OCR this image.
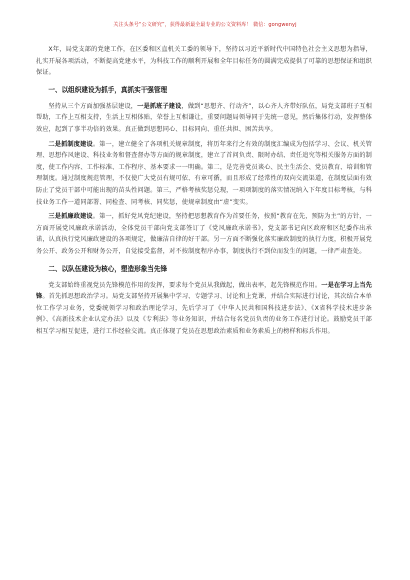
关注头条号“公文研究”，获得最新最全最专业的公文资料库！ 微信：gongwenyj

X年，局党支部的党建工作，在区委和区直机关工委的领导下，坚持以习近平新时代中国特色社会主义思想为指导，扎实开展各项活动，不断提高党建水平，为科技工作的顺利开展和全年目标任务的圆满完成提供了可靠的思想保证和组织保证。

一、以组织建设为抓手，真抓实干强管理

坚持从三个方面加强基层建设，一是抓班子建设，做到“思想齐、行动齐”，以心齐人齐带好队伍，局党支部班子互相帮助，工作上互相支持，生活上互相体贴，荣誉上互相谦让，重要问题局领导同于先统一意见，然后集体行动，发挥整体效应，起到了事半功倍的效果。真正做到思想同心、目标同向、重任共担、困苦共享。

二是抓制度建设。第一，建立健全了各项机关规章制度，将历年来行之有效的制度汇编成为包括学习、会议、机关管理、思想作风建设、科技业务和督查督办等方面的规章制度，建立了首问负责、限时办结、责任追究等相关服务方面的制度，使工作内容、工作标准、工作程序、基本要求一一明确。第二，是完善党员谈心、民主生活会、党员教育、培训和管理制度。通过制度规范管理，不仅使广大党员有规可依、有章可循，而且形成了经常性的双向交流渠道，在制度层面有效防止了党员干部中可能出现的苗头性问题。第三，严格考核奖惩兑现，一项项制度的落实情况纳入下年度目标考核，与科技业务工作一道同部署、同检查、同考核、同奖惩，使规章制度由“虚”变实。

三是抓廉政建设。第一，抓好党风党纪建设，坚持把思想教育作为首要任务，按照“教育在先，预防为主”的方针，一方面开展党风廉政承诺活动，全体党员干部向党支部签订了《党风廉政承诺书》，党支部书记向区政府和区纪委作出承诺，认真执行党风廉政建设的各项规定，做廉洁自律的好干部。另一方面不断强化落实廉政制度的执行力度，积极开展党务公开、政务公开和财务公开，自觉接受监督，对不按制度程序办事，制度执行不到位而发生的问题，一律严肃查处。

二、以队伍建设为核心，塑造形象当先锋

党支部始终重视党员先锋模范作用的发挥，要求每个党员从我做起，做出表率，起先锋模范作用。一是在学习上当先锋。首先抓思想政治学习。局党支部坚持开展集中学习、专题学习、讨论和上党课，并结合实际进行讨论，其次结合本单位工作学习业务，党委统领学习和政治理论学习，先后学习了《中华人民共和国科技进步法》、《X省科学技术进步条例》、《高新技术企业认定办法》以及《专利法》等业务知识，并结合每名党员负责的业务工作进行讨论。鼓励党员干部相互学习相互促进，进行工作经验交流。真正体现了党员在思想政治素质和业务素质上的榜样和标兵作用。
